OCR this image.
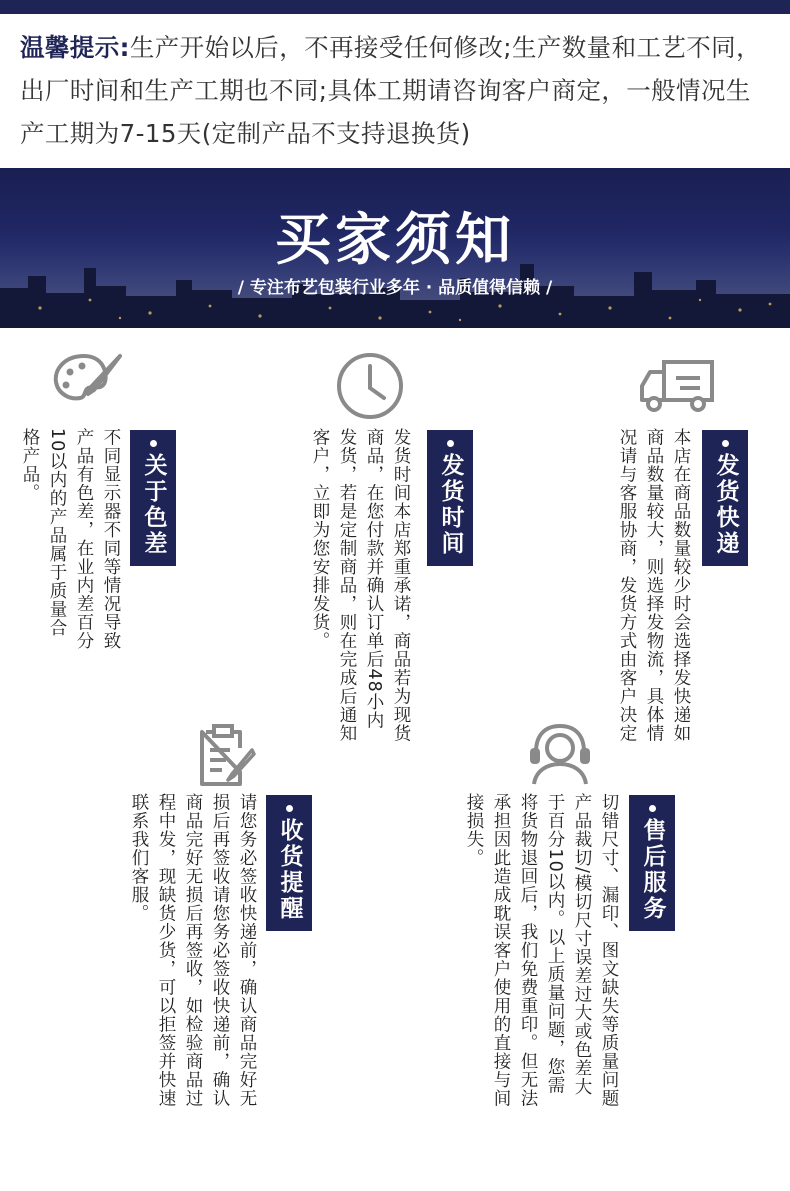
温馨提示:生产开始以后，不再接受任何修改;生产数量和工艺不同，出厂时间和生产工期也不同;具体工期请咨询客户商定，一般情况生产工期为7-15天(定制产品不支持退换货)
买家须知
/ 专注布艺包装行业多年 · 品质值得信赖 /
关于色差
不同显示器不同等情况导致产品有色差，在业内差百分10以内的产品属于质量合格产品。	发货时间
发货时间本店郑重承诺，商品若为现货商品，在您付款并确认订单后48小内发货，若是定制商品，则在完成后通知客户，立即为您安排发货。	发货快递
本店在商品数量较少时会选择发快递如商品数量较大，则选择发物流，具体情况请与客服协商，发货方式由客户决定
收货提醒
请您务必签收快递前，确认商品完好无损后再签收请您务必签收快递前，确认商品完好无损后再签收，如检验商品过程中发，现缺货少货，可以拒签并快速联系我们客服。	售后服务
切错尺寸、漏印、图文缺失等质量问题产品裁切/模切尺寸误差过大或色差大于百分10以内。以上质量问题，您需将货物退回后，我们免费重印。但无法承担因此造成耽误客户使用的直接与间接损失。
